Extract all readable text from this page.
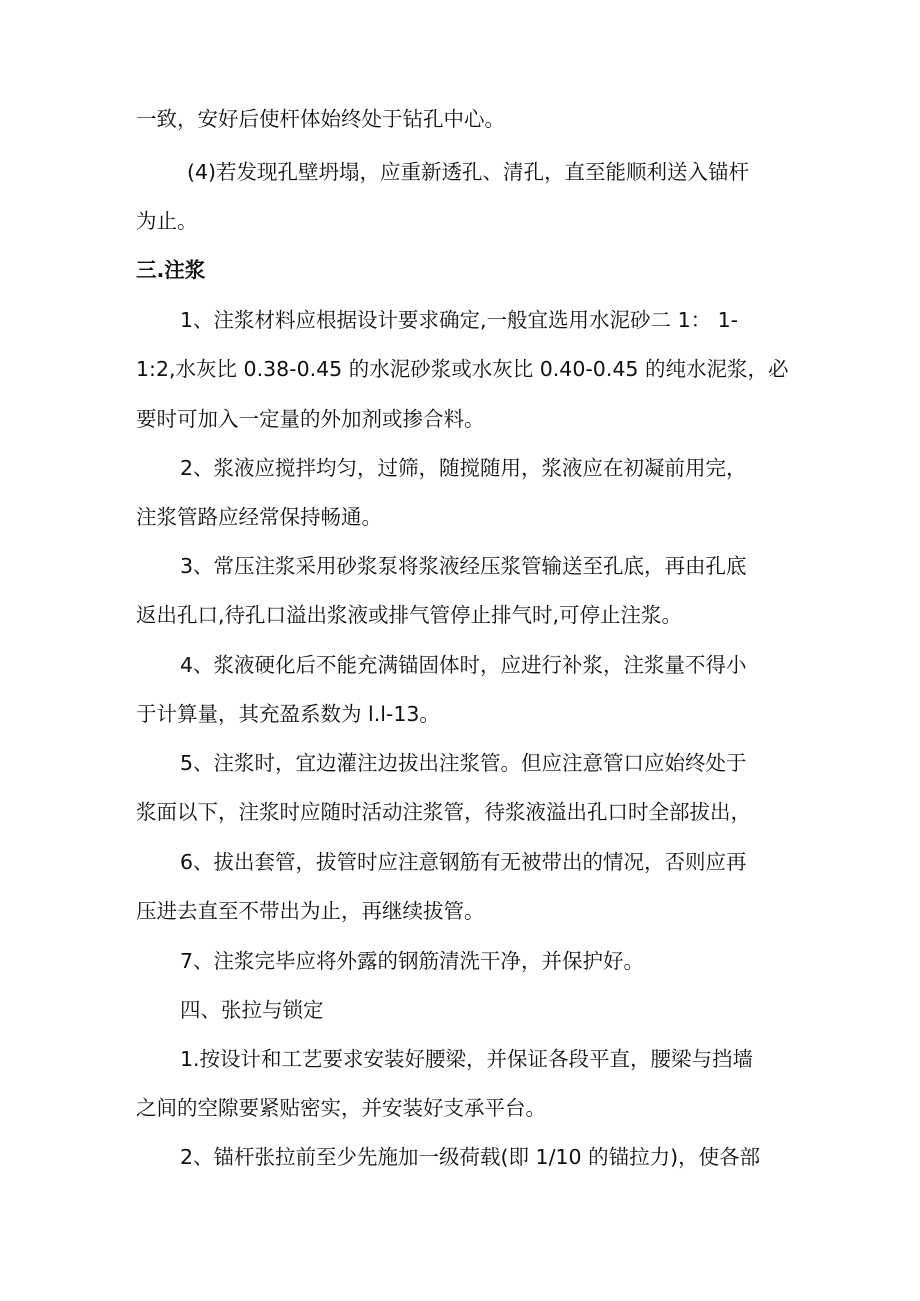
一致，安好后使杆体始终处于钻孔中心。
(4)若发现孔壁坍塌，应重新透孔、清孔，直至能顺利送入锚杆
为止。
三.注浆
1、注浆材料应根据设计要求确定,一般宜选用水泥砂二 1： 1-
1:2,水灰比 0.38-0.45 的水泥砂浆或水灰比 0.40-0.45 的纯水泥浆，必
要时可加入一定量的外加剂或掺合料。
2、浆液应搅拌均匀，过筛，随搅随用，浆液应在初凝前用完，
注浆管路应经常保持畅通。
3、常压注浆采用砂浆泵将浆液经压浆管输送至孔底，再由孔底
返出孔口,待孔口溢出浆液或排气管停止排气时,可停止注浆。
4、浆液硬化后不能充满锚固体时，应进行补浆，注浆量不得小
于计算量，其充盈系数为 l.l-13。
5、注浆时，宜边灌注边拔出注浆管。但应注意管口应始终处于
浆面以下，注浆时应随时活动注浆管，待浆液溢出孔口时全部拔出，
6、拔出套管，拔管时应注意钢筋有无被带出的情况，否则应再
压进去直至不带出为止，再继续拔管。
7、注浆完毕应将外露的钢筋清洗干净，并保护好。
四、张拉与锁定
1.按设计和工艺要求安装好腰梁，并保证各段平直，腰梁与挡墙
之间的空隙要紧贴密实，并安装好支承平台。
2、锚杆张拉前至少先施加一级荷载(即 1/10 的锚拉力)，使各部
